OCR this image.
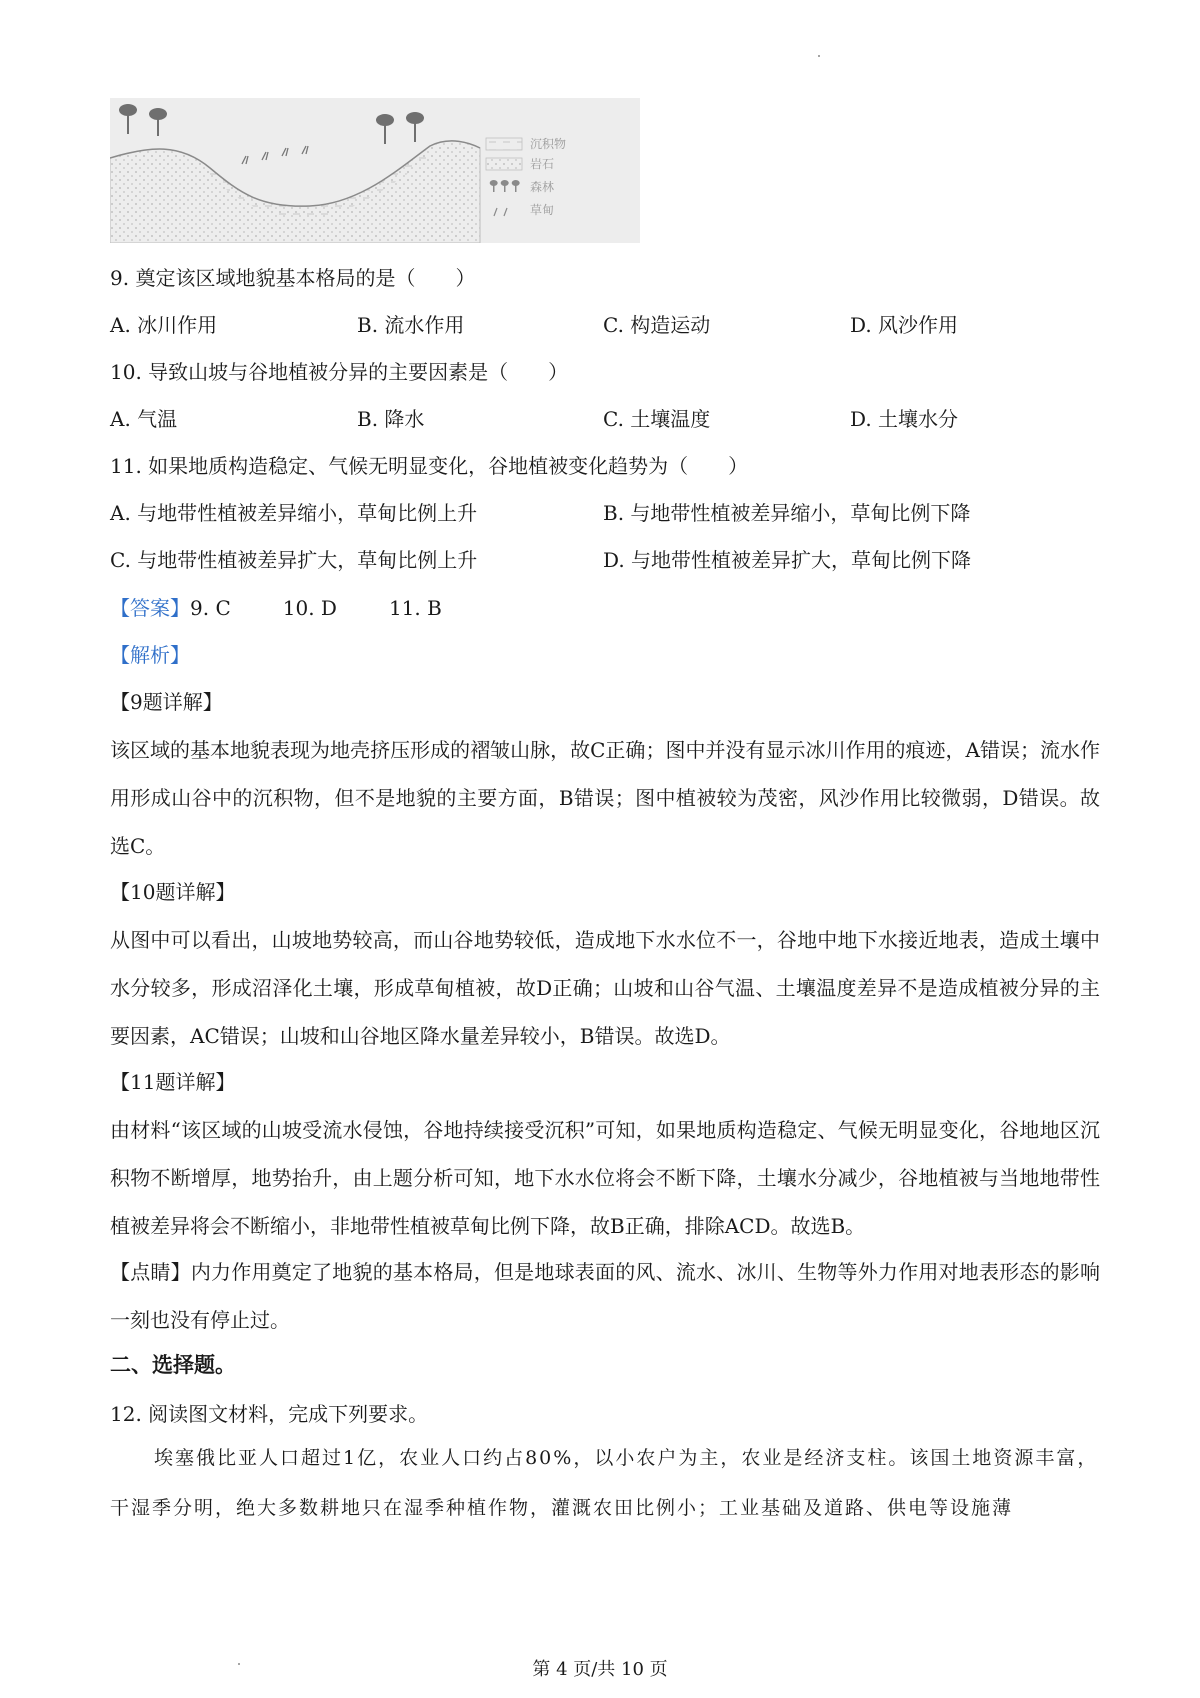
沉积物
岩石
森林
草甸
9. 奠定该区域地貌基本格局的是（　　）
A. 冰川作用	B. 流水作用	C. 构造运动	D. 风沙作用
10. 导致山坡与谷地植被分异的主要因素是（　　）
A. 气温	B. 降水	C. 土壤温度	D. 土壤水分
11. 如果地质构造稳定、气候无明显变化，谷地植被变化趋势为（　　）
A. 与地带性植被差异缩小，草甸比例上升	B. 与地带性植被差异缩小，草甸比例下降
C. 与地带性植被差异扩大，草甸比例上升	D. 与地带性植被差异扩大，草甸比例下降
【答案】9. C	10. D	11. B
【解析】
【9题详解】
该区域的基本地貌表现为地壳挤压形成的褶皱山脉，故C正确；图中并没有显示冰川作用的痕迹，A错误；流水作用形成山谷中的沉积物，但不是地貌的主要方面，B错误；图中植被较为茂密，风沙作用比较微弱，D错误。故选C。
【10题详解】
从图中可以看出，山坡地势较高，而山谷地势较低，造成地下水水位不一，谷地中地下水接近地表，造成土壤中水分较多，形成沼泽化土壤，形成草甸植被，故D正确；山坡和山谷气温、土壤温度差异不是造成植被分异的主要因素，AC错误；山坡和山谷地区降水量差异较小，B错误。故选D。
【11题详解】
由材料“该区域的山坡受流水侵蚀，谷地持续接受沉积”可知，如果地质构造稳定、气候无明显变化，谷地地区沉积物不断增厚，地势抬升，由上题分析可知，地下水水位将会不断下降，土壤水分减少，谷地植被与当地地带性植被差异将会不断缩小，非地带性植被草甸比例下降，故B正确，排除ACD。故选B。
【点睛】内力作用奠定了地貌的基本格局，但是地球表面的风、流水、冰川、生物等外力作用对地表形态的影响一刻也没有停止过。
二、选择题。
12. 阅读图文材料，完成下列要求。
埃塞俄比亚人口超过1亿，农业人口约占80%，以小农户为主，农业是经济支柱。该国土地资源丰富，干湿季分明，绝大多数耕地只在湿季种植作物，灌溉农田比例小；工业基础及道路、供电等设施薄
第 4 页/共 10 页
